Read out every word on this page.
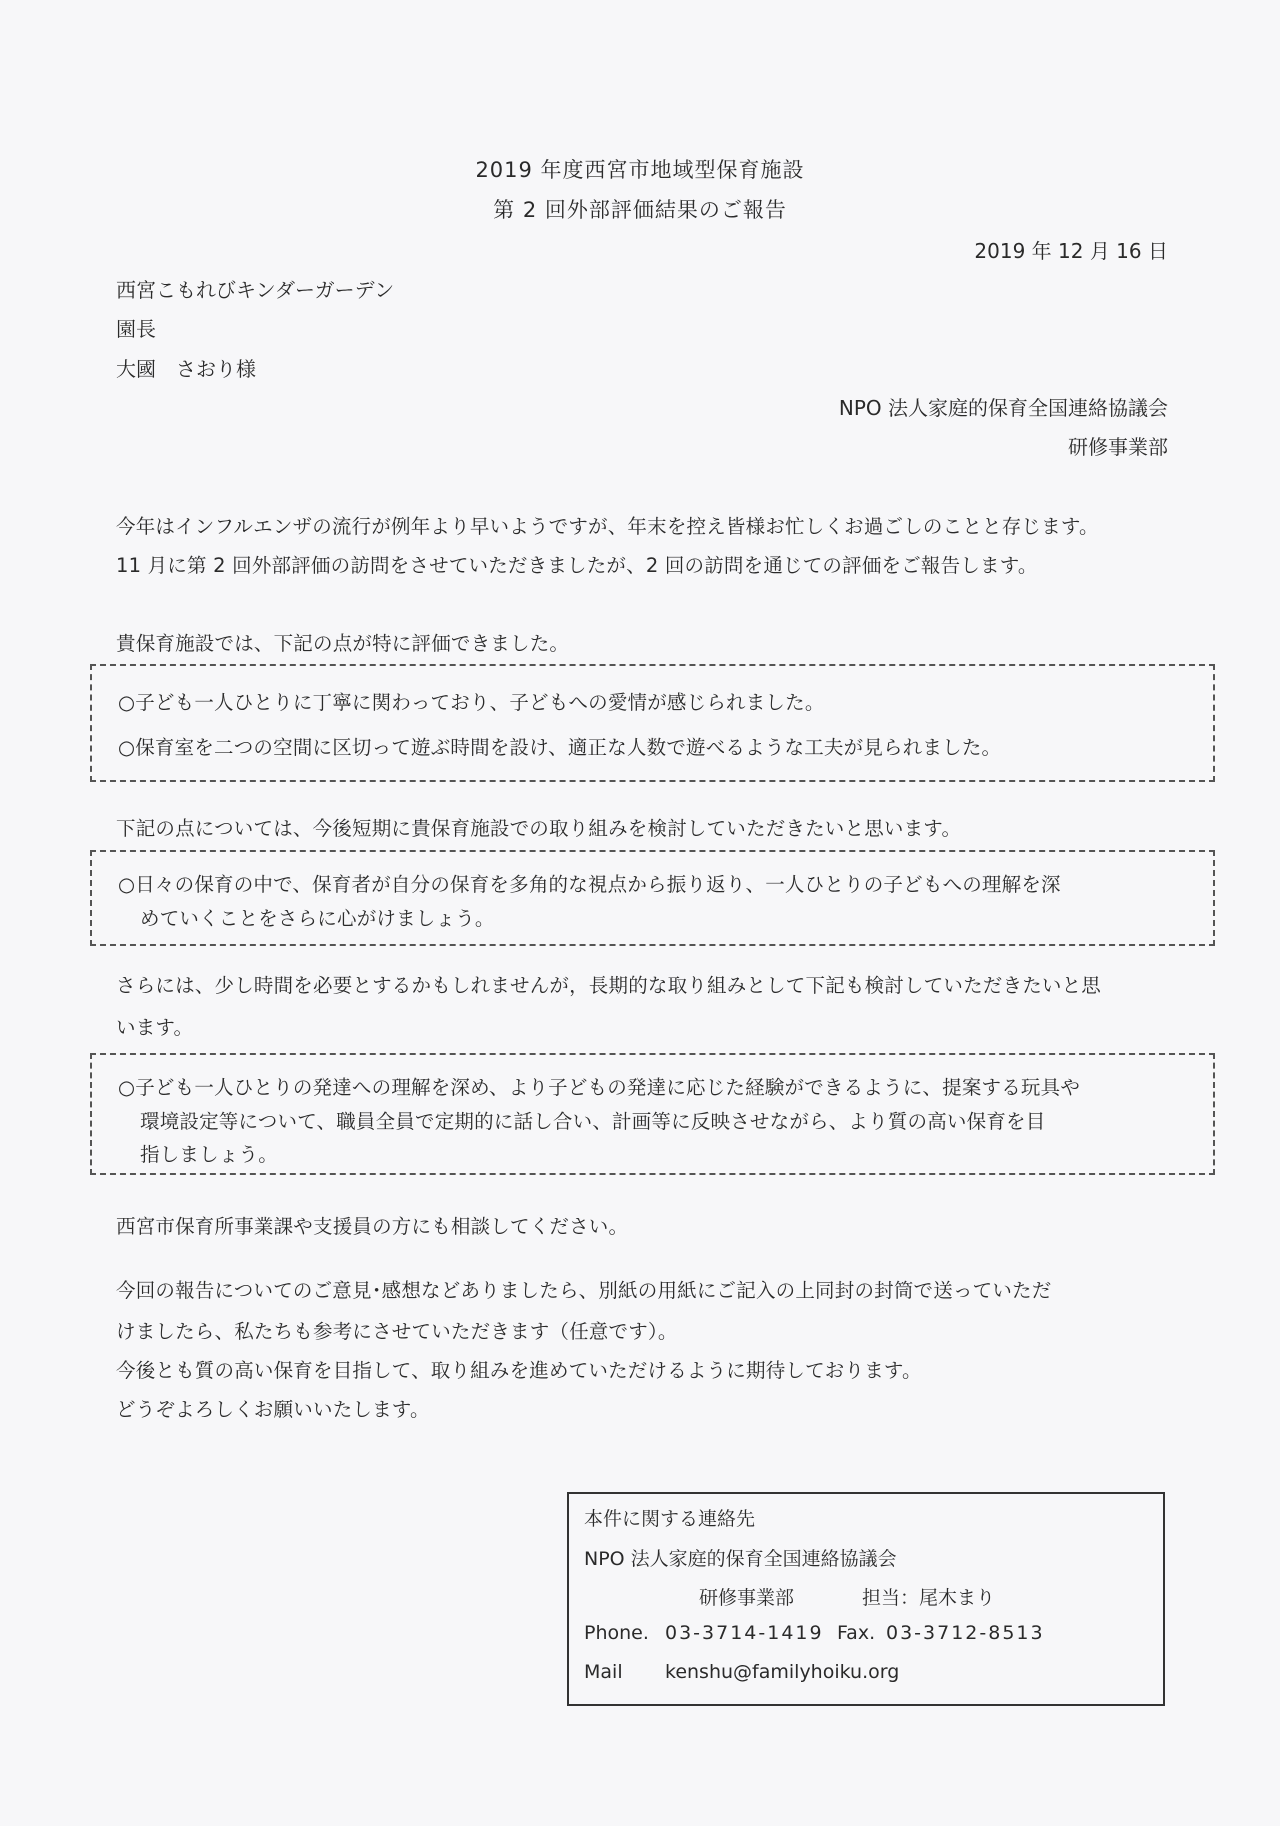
2019 年度西宮市地域型保育施設
第 2 回外部評価結果のご報告
2019 年 12 月 16 日
西宮こもれびキンダーガーデン
園長
大國　さおり様
NPO 法人家庭的保育全国連絡協議会
研修事業部
今年はインフルエンザの流行が例年より早いようですが、年末を控え皆様お忙しくお過ごしのことと存じます。
11 月に第 2 回外部評価の訪問をさせていただきましたが、2 回の訪問を通じての評価をご報告します。
貴保育施設では、下記の点が特に評価できました。
○子ども一人ひとりに丁寧に関わっており、子どもへの愛情が感じられました。
○保育室を二つの空間に区切って遊ぶ時間を設け、適正な人数で遊べるような工夫が見られました。
下記の点については、今後短期に貴保育施設での取り組みを検討していただきたいと思います。
○日々の保育の中で、保育者が自分の保育を多角的な視点から振り返り、一人ひとりの子どもへの理解を深
めていくことをさらに心がけましょう。
さらには、少し時間を必要とするかもしれませんが，長期的な取り組みとして下記も検討していただきたいと思
います。
○子ども一人ひとりの発達への理解を深め、より子どもの発達に応じた経験ができるように、提案する玩具や
環境設定等について、職員全員で定期的に話し合い、計画等に反映させながら、より質の高い保育を目
指しましょう。
西宮市保育所事業課や支援員の方にも相談してください。
今回の報告についてのご意見･感想などありましたら、別紙の用紙にご記入の上同封の封筒で送っていただ
けましたら、私たちも参考にさせていただきます（任意です）。
今後とも質の高い保育を目指して、取り組みを進めていただけるように期待しております。
どうぞよろしくお願いいたします。
本件に関する連絡先
NPO 法人家庭的保育全国連絡協議会
研修事業部	担当：尾木まり
Phone. 03-3714-1419 Fax. 03-3712-8513
Mail kenshu@familyhoiku.org
